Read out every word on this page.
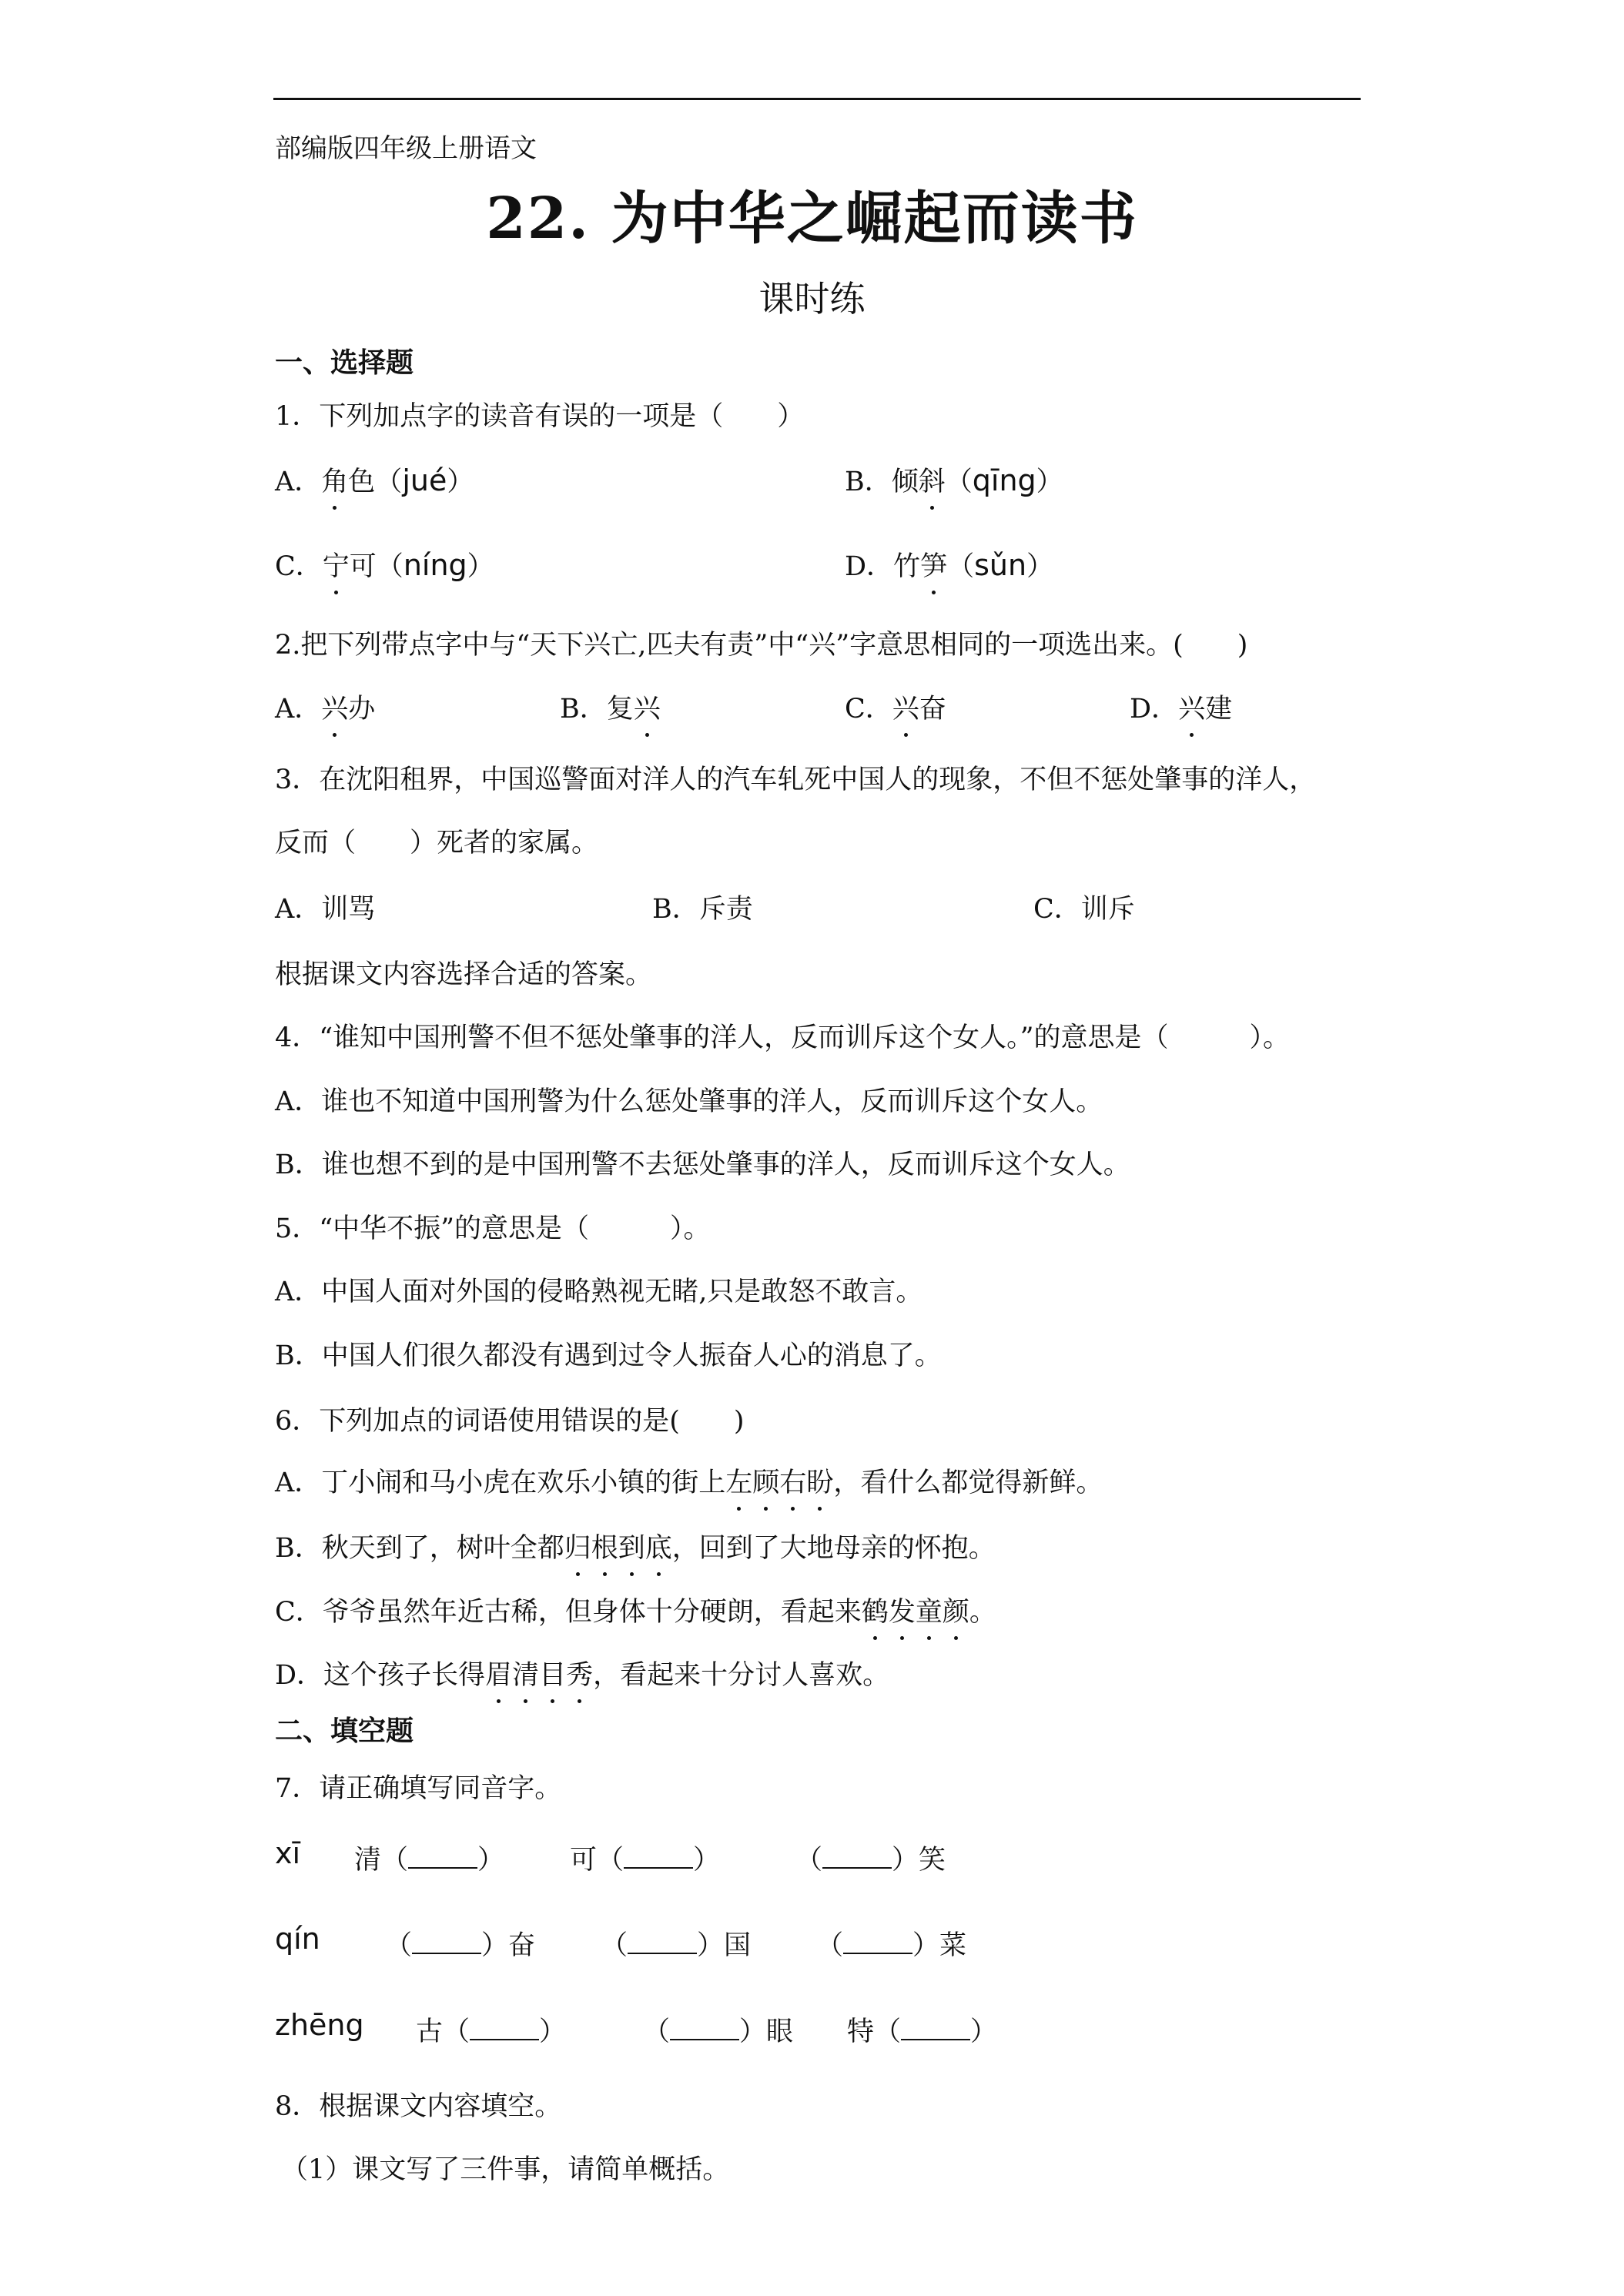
部编版四年级上册语文
22. 为中华之崛起而读书
课时练
一、选择题
1．下列加点字的读音有误的一项是（　　）
A．角色（jué）	B．倾斜（qīng）
C．宁可（níng）	D．竹笋（sǔn）
2.把下列带点字中与“天下兴亡,匹夫有责”中“兴”字意思相同的一项选出来。(　　)
A．兴办	B．复兴	C．兴奋	D．兴建
3．在沈阳租界，中国巡警面对洋人的汽车轧死中国人的现象，不但不惩处肇事的洋人，
反而（　　）死者的家属。
A．训骂	B．斥责	C．训斥
根据课文内容选择合适的答案。
4．“谁知中国刑警不但不惩处肇事的洋人，反而训斥这个女人。”的意思是（　　　）。
A．谁也不知道中国刑警为什么惩处肇事的洋人，反而训斥这个女人。
B．谁也想不到的是中国刑警不去惩处肇事的洋人，反而训斥这个女人。
5．“中华不振”的意思是（　　　）。
A．中国人面对外国的侵略熟视无睹,只是敢怒不敢言。
B．中国人们很久都没有遇到过令人振奋人心的消息了。
6．下列加点的词语使用错误的是(　　)
A．丁小闹和马小虎在欢乐小镇的街上左顾右盼，看什么都觉得新鲜。
B．秋天到了，树叶全都归根到底，回到了大地母亲的怀抱。
C．爷爷虽然年近古稀，但身体十分硬朗，看起来鹤发童颜。
D．这个孩子长得眉清目秀，看起来十分讨人喜欢。
二、填空题
7．请正确填写同音字。
xī 清（	） 可（	）	（	）笑
qín （	）奋 （	）国 （	）菜
zhēng 古（	）	（	）眼 特（	）
8．根据课文内容填空。
（1）课文写了三件事，请简单概括。
